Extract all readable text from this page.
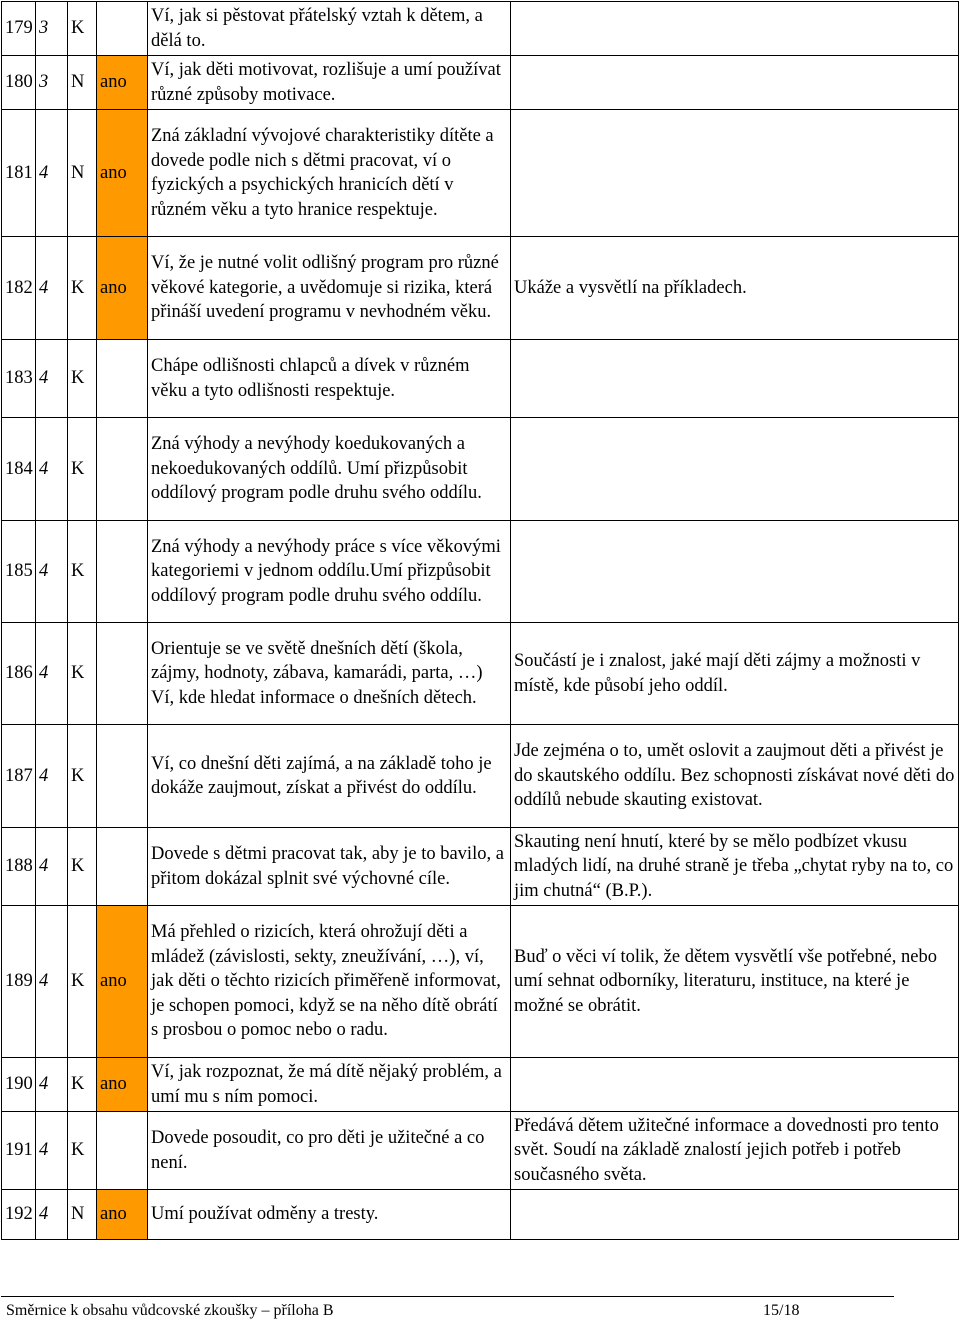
179	3	K		Ví, jak si pěstovat přátelský vztah k dětem, a dělá to.	
180	3	N	ano	Ví, jak děti motivovat, rozlišuje a umí používat různé způsoby motivace.	
181	4	N	ano	Zná základní vývojové charakteristiky dítěte a dovede podle nich s dětmi pracovat, ví o fyzických a psychických hranicích dětí v různém věku a tyto hranice respektuje.	
182	4	K	ano	Ví, že je nutné volit odlišný program pro různé věkové kategorie, a uvědomuje si rizika, která přináší uvedení programu v nevhodném věku.	Ukáže a vysvětlí na příkladech.
183	4	K		Chápe odlišnosti chlapců a dívek v různém věku a tyto odlišnosti respektuje.	
184	4	K		Zná výhody a nevýhody koedukovaných a nekoedukovaných oddílů. Umí přizpůsobit oddílový program podle druhu svého oddílu.	
185	4	K		Zná výhody a nevýhody práce s více věkovými kategoriemi v jednom oddílu.Umí přizpůsobit oddílový program podle druhu svého oddílu.	
186	4	K		Orientuje se ve světě dnešních dětí (škola, zájmy, hodnoty, zábava, kamarádi, parta, …) Ví, kde hledat informace o dnešních dětech.	Součástí je i znalost, jaké mají děti zájmy a možnosti v místě, kde působí jeho oddíl.
187	4	K		Ví, co dnešní děti zajímá, a na základě toho je dokáže zaujmout, získat a přivést do oddílu.	Jde zejména o to, umět oslovit a zaujmout děti a přivést je do skautského oddílu. Bez schopnosti získávat nové děti do oddílů nebude skauting existovat.
188	4	K		Dovede s dětmi pracovat tak, aby je to bavilo, a přitom dokázal splnit své výchovné cíle.	Skauting není hnutí, které by se mělo podbízet vkusu mladých lidí, na druhé straně je třeba „chytat ryby na to, co jim chutná“ (B.P.).
189	4	K	ano	Má přehled o rizicích, která ohrožují děti a mládež (závislosti, sekty, zneužívání, …), ví, jak děti o těchto rizicích přiměřeně informovat, je schopen pomoci, když se na něho dítě obrátí s prosbou o pomoc nebo o radu.	Buď o věci ví tolik, že dětem vysvětlí vše potřebné, nebo umí sehnat odborníky, literaturu, instituce, na které je možné se obrátit.
190	4	K	ano	Ví, jak rozpoznat, že má dítě nějaký problém, a umí mu s ním pomoci.	
191	4	K		Dovede posoudit, co pro děti je užitečné a co není.	Předává dětem užitečné informace a dovednosti pro tento svět. Soudí na základě znalostí jejich potřeb i potřeb současného světa.
192	4	N	ano	Umí používat odměny a tresty.	
Směrnice k obsahu vůdcovské zkoušky – příloha B	15/18
